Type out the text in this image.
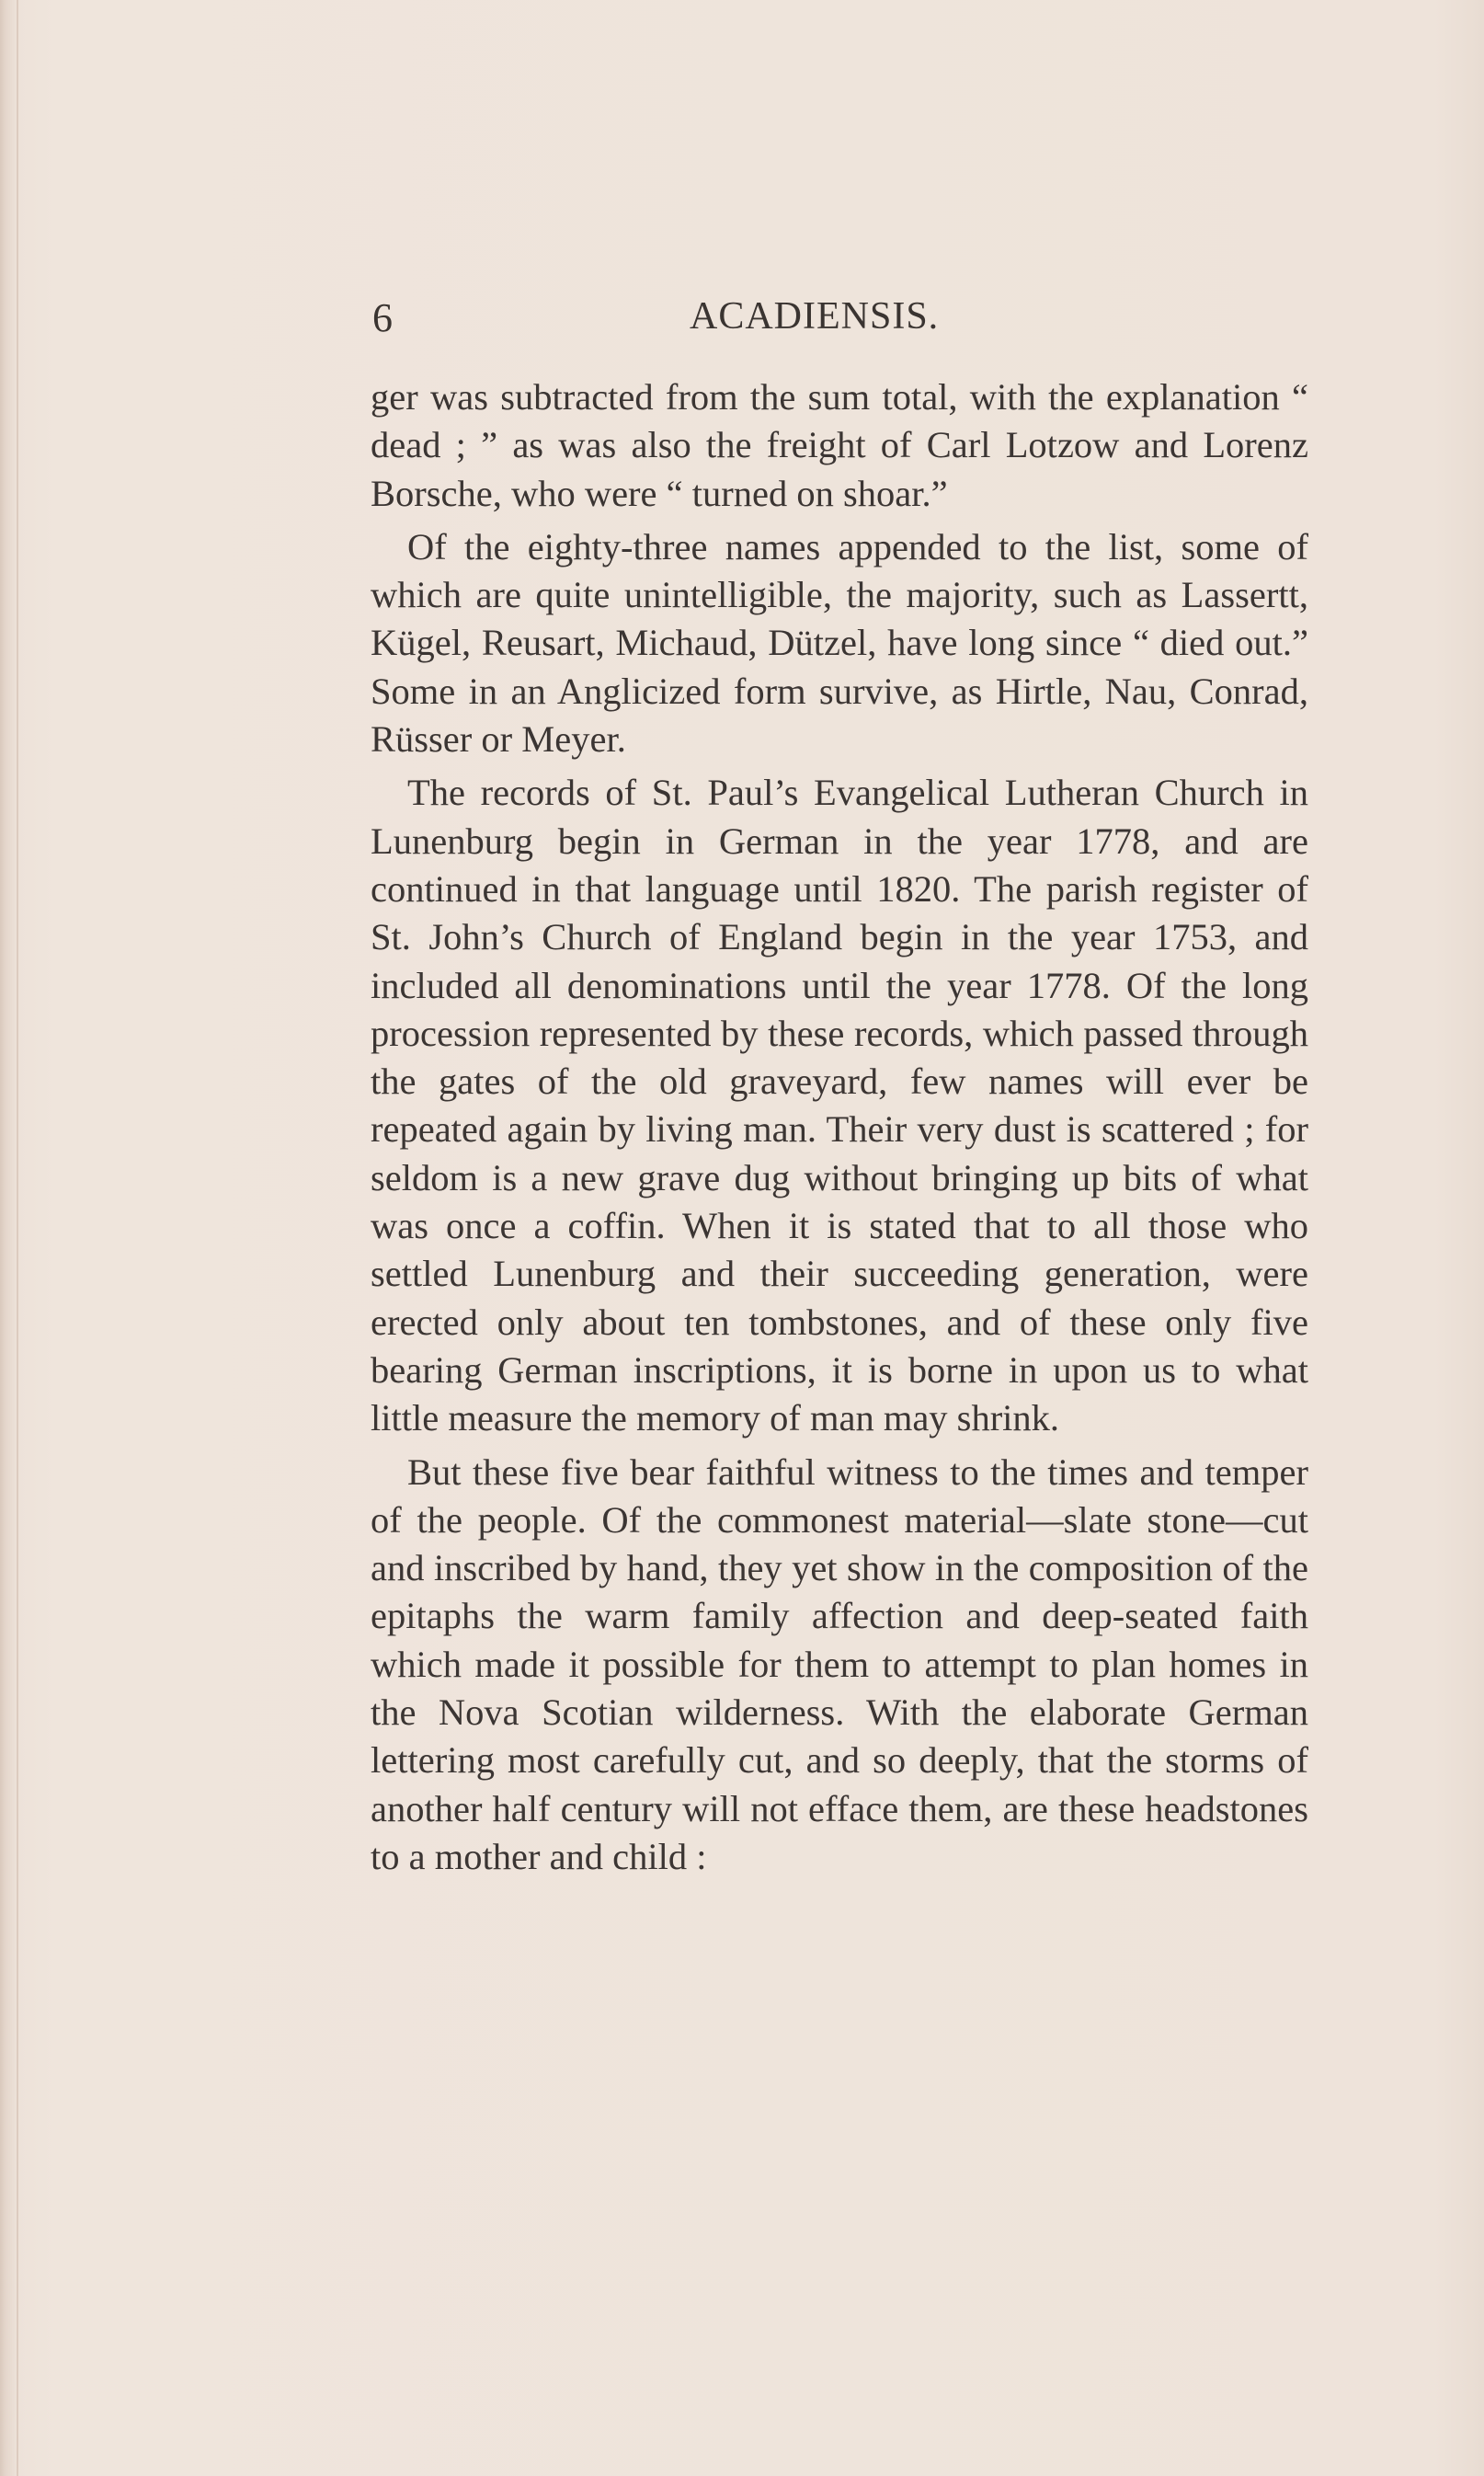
6	ACADIENSIS.

ger was subtracted from the sum total, with the explanation “ dead ; ” as was also the freight of Carl Lotzow and Lorenz Borsche, who were “ turned on shoar.”

Of the eighty-three names appended to the list, some of which are quite unintelligible, the majority, such as Lassertt, Kügel, Reusart, Michaud, Dützel, have long since “ died out.” Some in an Anglicized form survive, as Hirtle, Nau, Conrad, Rüsser or Meyer.

The records of St. Paul’s Evangelical Lutheran Church in Lunenburg begin in German in the year 1778, and are continued in that language until 1820. The parish register of St. John’s Church of England begin in the year 1753, and included all denominations until the year 1778. Of the long procession represented by these records, which passed through the gates of the old graveyard, few names will ever be repeated again by living man. Their very dust is scattered ; for seldom is a new grave dug without bringing up bits of what was once a coffin. When it is stated that to all those who settled Lunenburg and their succeeding generation, were erected only about ten tombstones, and of these only five bearing German inscriptions, it is borne in upon us to what little measure the memory of man may shrink.

But these five bear faithful witness to the times and temper of the people. Of the commonest material—slate stone—cut and inscribed by hand, they yet show in the composition of the epitaphs the warm family affection and deep-seated faith which made it possible for them to attempt to plan homes in the Nova Scotian wilderness. With the elaborate German lettering most carefully cut, and so deeply, that the storms of another half century will not efface them, are these headstones to a mother and child :
